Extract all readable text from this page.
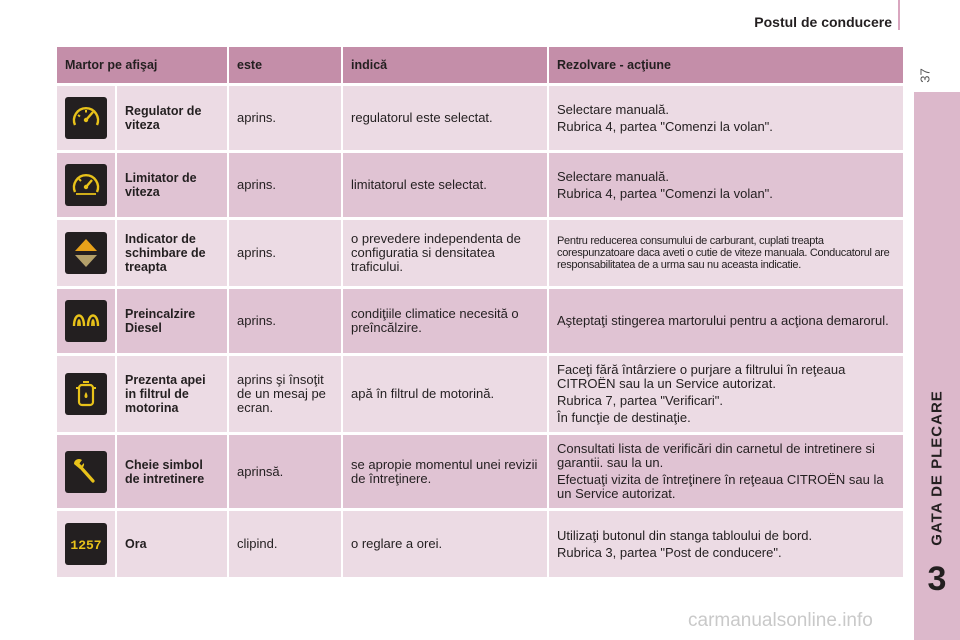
Postul de conducere
37
GATA DE PLECARE
3
Martor pe afişaj		este	indică	Rezolvare - acţiune

	Regulator de viteza	aprins.	regulatorul este selectat.	Selectare manuală.

Rubrica 4, partea "Comenzi la volan".

	Limitator de viteza	aprins.	limitatorul este selectat.	Selectare manuală.

Rubrica 4, partea "Comenzi la volan".

	Indicator de schimbare de treapta	aprins.	o prevedere independenta de configuratia si densitatea traficului.	Pentru reducerea consumului de carburant, cuplati treapta corespunzatoare daca aveti o cutie de viteze manuala. Conducatorul are responsabilitatea de a urma sau nu aceasta indicatie.

	Preincalzire Diesel	aprins.	condiţiile climatice necesită o preîncălzire.	Aşteptaţi stingerea martorului pentru a acţiona demarorul.

	Prezenta apei in filtrul de motorina	aprins şi însoţit de un mesaj pe ecran.	apă în filtrul de motorină.	Faceţi fără întârziere o purjare a filtrului în reţeaua CITROËN sau la un Service autorizat.

Rubrica 7, partea "Verificari".

În funcţie de destinaţie.

	Cheie simbol de intretinere	aprinsă.	se apropie momentul unei revizii de întreţinere.	Consultati lista de verificări din carnetul de intretinere si garantii. sau la un.

Efectuaţi vizita de întreţinere în reţeaua CITROËN sau la un Service autorizat.

1257	Ora	clipind.	o reglare a orei.	Utilizaţi butonul din stanga tabloului de bord.

Rubrica 3, partea "Post de conducere".

carmanualsonline.info
